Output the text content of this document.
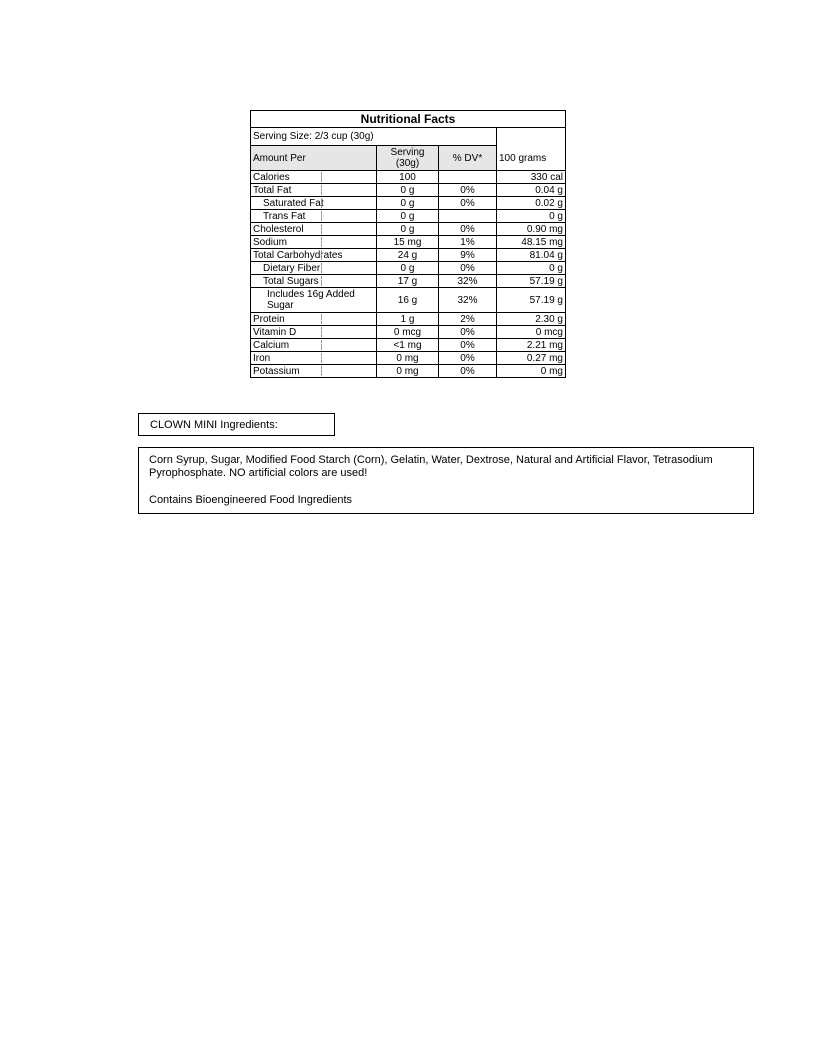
Nutritional Facts			
Serving Size: 2/3 cup (30g)			100 grams
Amount Per	Serving (30g)	% DV*	
Calories	100		330 cal
Total Fat	0 g	0%	0.04 g
Saturated Fat	0 g	0%	0.02 g
Trans Fat	0 g		0 g
Cholesterol	0 g	0%	0.90 mg
Sodium	15 mg	1%	48.15 mg
Total Carbohydrates	24 g	9%	81.04 g
Dietary Fiber	0 g	0%	0 g
Total Sugars	17 g	32%	57.19 g
Includes 16g Added Sugar	16 g	32%	57.19 g
Protein	1 g	2%	2.30 g
Vitamin D	0 mcg	0%	0 mcg
Calcium	<1 mg	0%	2.21 mg
Iron	0 mg	0%	0.27 mg
Potassium	0 mg	0%	0 mg
CLOWN MINI Ingredients:

Corn Syrup, Sugar, Modified Food Starch (Corn), Gelatin, Water, Dextrose, Natural and Artificial Flavor, Tetrasodium Pyrophosphate. NO artificial colors are used!

Contains Bioengineered Food Ingredients
